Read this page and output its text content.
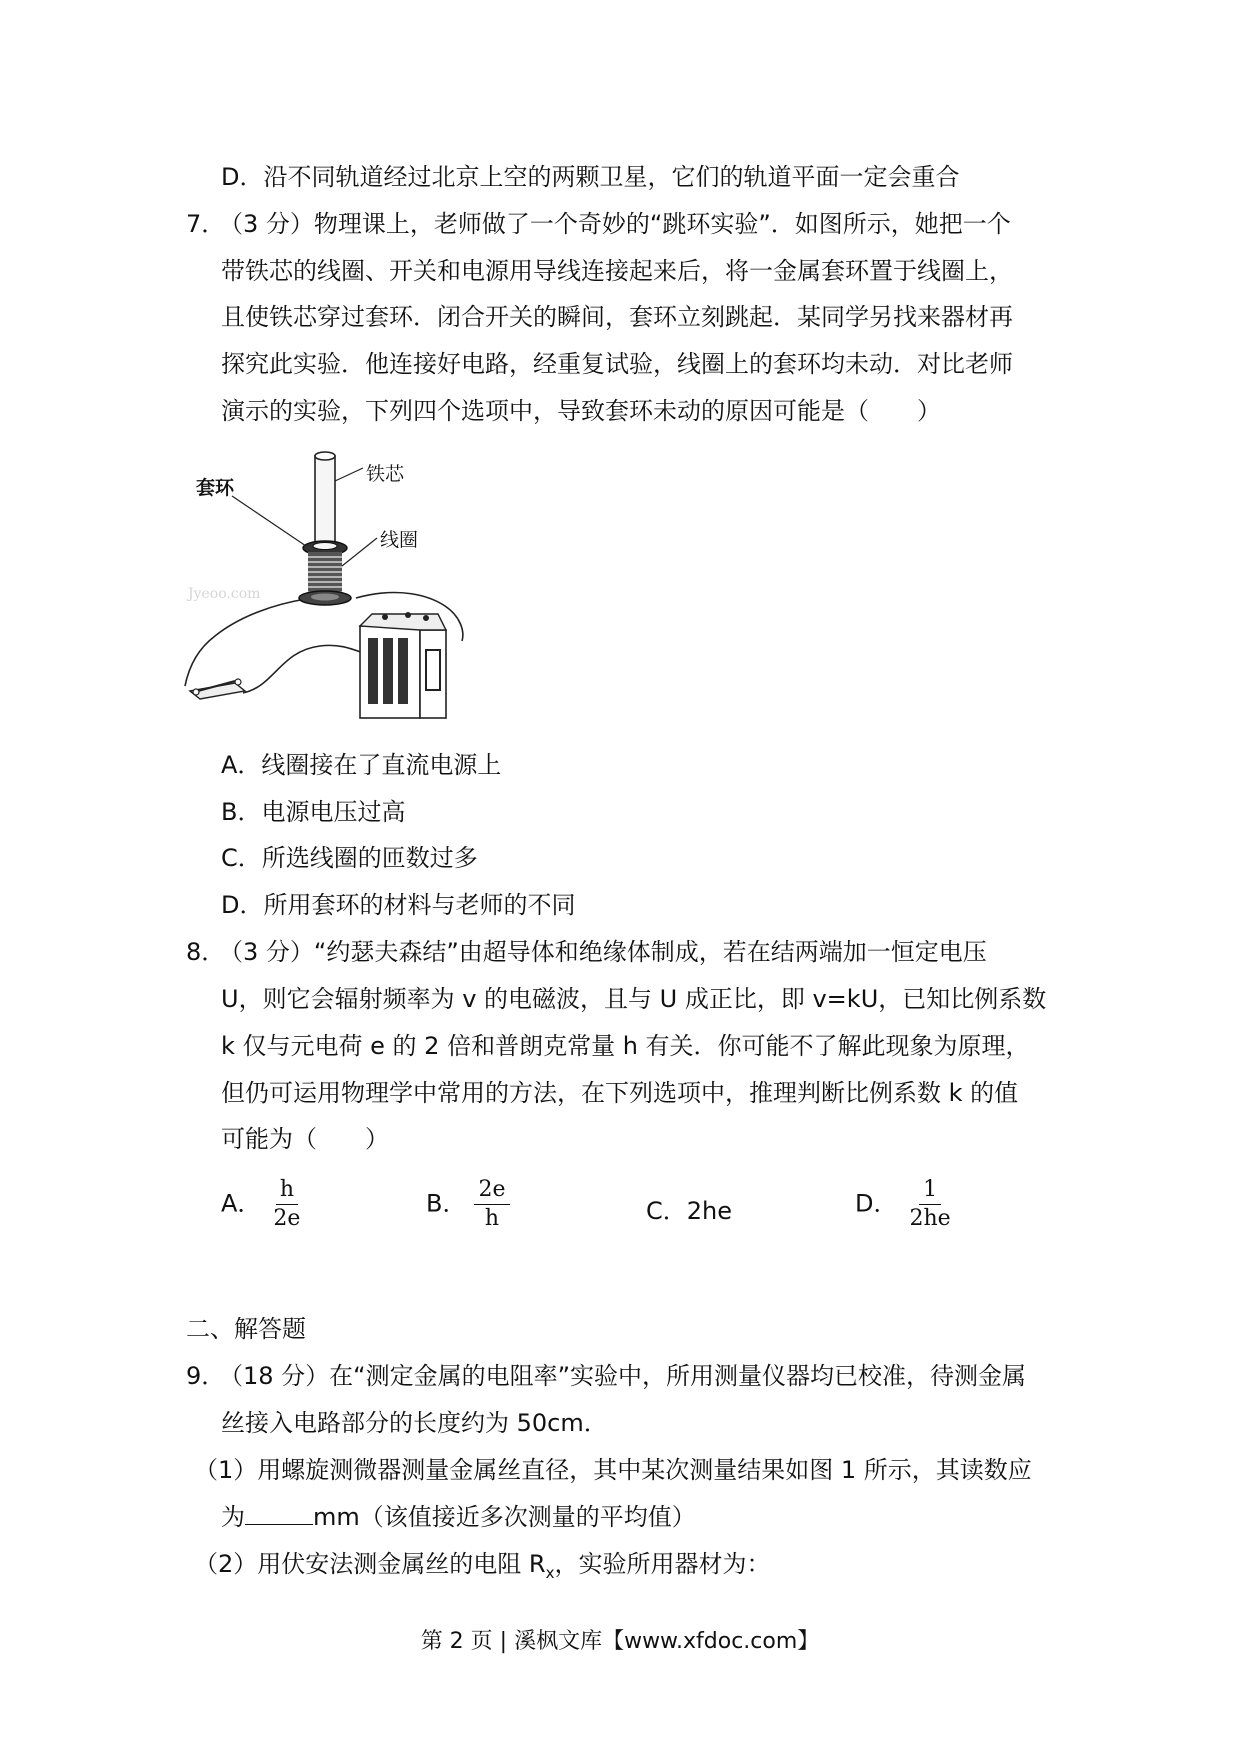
D．沿不同轨道经过北京上空的两颗卫星，它们的轨道平面一定会重合
7．
（3 分）物理课上，老师做了一个奇妙的“跳环实验”．如图所示，她把一个
带铁芯的线圈、开关和电源用导线连接起来后，将一金属套环置于线圈上，
且使铁芯穿过套环．闭合开关的瞬间，套环立刻跳起．某同学另找来器材再
探究此实验．他连接好电路，经重复试验，线圈上的套环均未动．对比老师
演示的实验，下列四个选项中，导致套环未动的原因可能是（　　）
Jyeoo.com
铁芯
套环
线圈
A．线圈接在了直流电源上
B．电源电压过高
C．所选线圈的匝数过多
D．所用套环的材料与老师的不同
8．
（3 分）“约瑟夫森结”由超导体和绝缘体制成，若在结两端加一恒定电压
U，则它会辐射频率为 v 的电磁波，且与 U 成正比，即 v=kU，已知比例系数
k 仅与元电荷 e 的 2 倍和普朗克常量 h 有关．你可能不了解此现象为原理，
但仍可运用物理学中常用的方法，在下列选项中，推理判断比例系数 k 的值
可能为（　　）
A． $\frac{h}{2e}$	B． $\frac{2e}{h}$	C．2he	D． $\frac{1}{2he}$
二、解答题
9．
（18 分）在“测定金属的电阻率”实验中，所用测量仪器均已校准，待测金属
丝接入电路部分的长度约为 50cm．
（1）用螺旋测微器测量金属丝直径，其中某次测量结果如图 1 所示，其读数应
为	mm（该值接近多次测量的平均值）
（2）用伏安法测金属丝的电阻 $R_x$，实验所用器材为：
第 2 页 | 溪枫文库【www.xfdoc.com】
